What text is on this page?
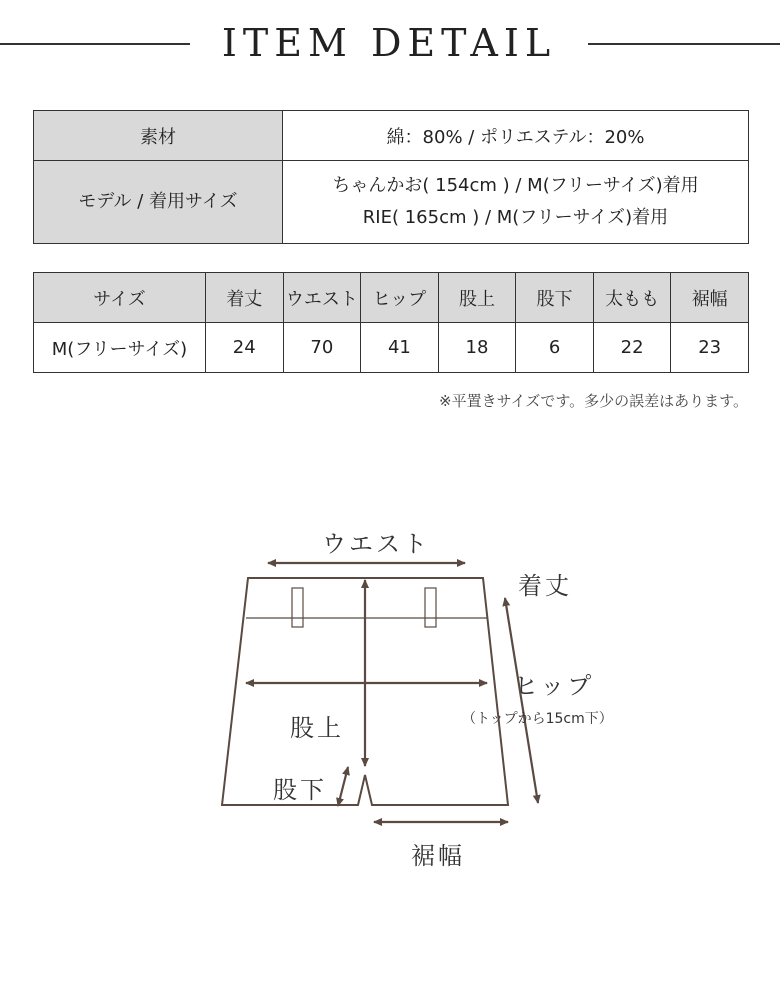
ITEM DETAIL
素材	綿：80% / ポリエステル：20%
モデル / 着用サイズ	ちゃんかお( 154cm ) / M(フリーサイズ)着用
RIE( 165cm ) / M(フリーサイズ)着用
サイズ	着丈	ウエスト	ヒップ	股上	股下	太もも	裾幅
M(フリーサイズ)	24	70	41	18	6	22	23
※平置きサイズです。多少の誤差はあります。
ウエスト
着丈
ヒップ
（トップから15cm下）
股上
股下
裾幅
